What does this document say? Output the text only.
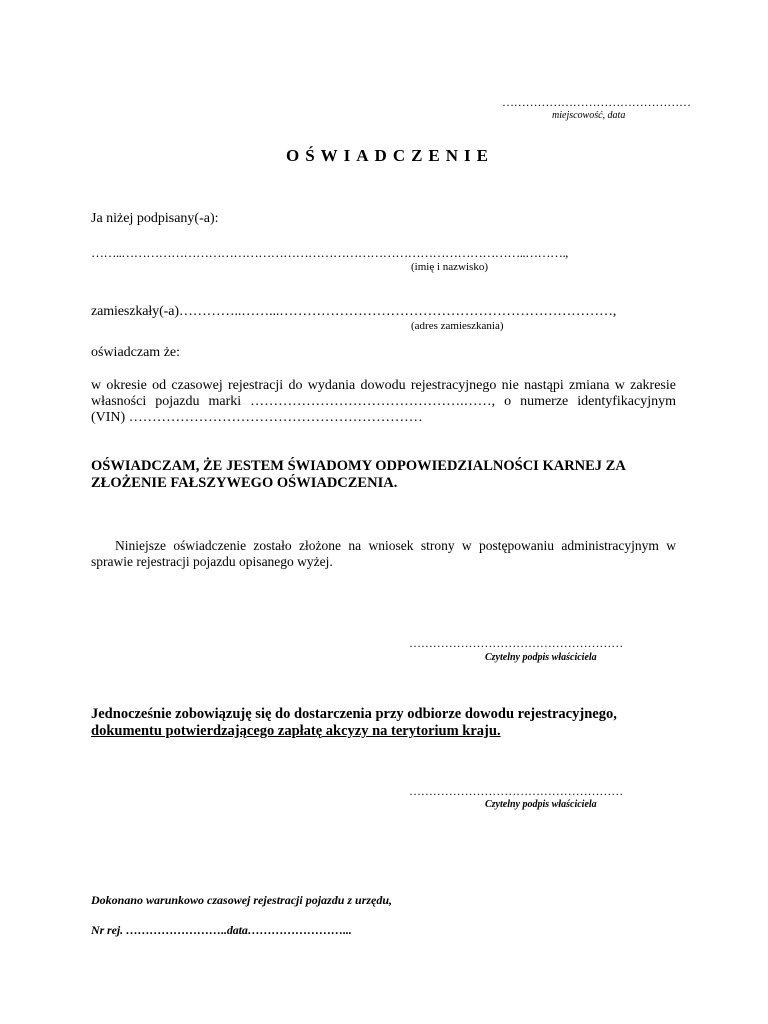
…………………………………………
miejscowość, data
OŚWIADCZENIE
Ja niżej podpisany(-a):
……..……………………………………………………………………………………..……….,
(imię i nazwisko)
zamieszkały(-a)…………..……...………………………………………………………………,
(adres zamieszkania)
oświadczam że:
w okresie od czasowej rejestracji do wydania dowodu rejestracyjnego nie nastąpi zmiana w zakresie własności pojazdu marki ……………………………………….……, o numerze identyfikacyjnym (VIN) ………………………………………………………
OŚWIADCZAM, ŻE JESTEM ŚWIADOMY ODPOWIEDZIALNOŚCI KARNEJ ZA ZŁOŻENIE FAŁSZYWEGO OŚWIADCZENIA.
Niniejsze oświadczenie zostało złożone na wniosek strony w postępowaniu administracyjnym w sprawie rejestracji pojazdu opisanego wyżej.
………………………………………………
Czytelny podpis właściciela
Jednocześnie zobowiązuję się do dostarczenia przy odbiorze dowodu rejestracyjnego,
dokumentu potwierdzającego zapłatę akcyzy na terytorium kraju.
………………………………………………
Czytelny podpis właściciela
Dokonano warunkowo czasowej rejestracji pojazdu z urzędu,
Nr rej. ……………………..data……………………...
